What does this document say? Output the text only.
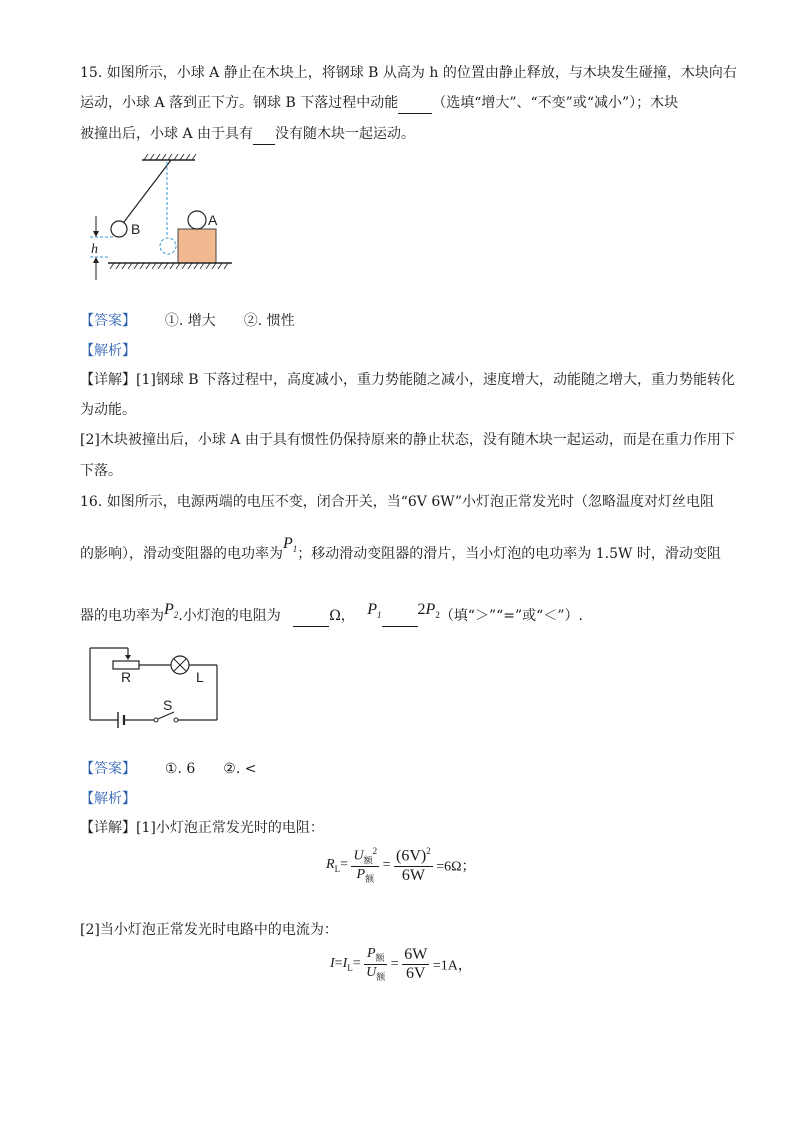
15. 如图所示，小球 A 静止在木块上，将钢球 B 从高为 h 的位置由静止释放，与木块发生碰撞，木块向右
运动，小球 A 落到正下方。钢球 B 下落过程中动能 （选填“增大”、“不变”或“减小”）；木块
被撞出后，小球 A 由于具有 没有随木块一起运动。
B
A
h
【答案】 ①. 增大　　②. 惯性
【解析】
【详解】[1]钢球 B 下落过程中，高度减小，重力势能随之减小，速度增大，动能随之增大，重力势能转化
为动能。
[2]木块被撞出后，小球 A 由于具有惯性仍保持原来的静止状态，没有随木块一起运动，而是在重力作用下
下落。
16. 如图所示，电源两端的电压不变，闭合开关，当“6V 6W”小灯泡正常发光时（忽略温度对灯丝电阻
的影响），滑动变阻器的电功率为$P_1$；移动滑动变阻器的滑片，当小灯泡的电功率为 1.5W 时，滑动变阻
器的电功率为$P_2$.小灯泡的电阻为	Ω， $P_1$ $2P_2$（填“＞”“=”或“＜”）.
R	L
S
【答案】 ①. 6　　②. <
【解析】
【详解】[1]小灯泡正常发光时的电阻：
$R_L= \frac{U_额^2}{P_额} = \frac{(6V)^2}{6W} =6\Omega$；
[2]当小灯泡正常发光时电路中的电流为：
$I=I_L= \frac{P_额}{U_额} = \frac{6W}{6V} =1A$，
